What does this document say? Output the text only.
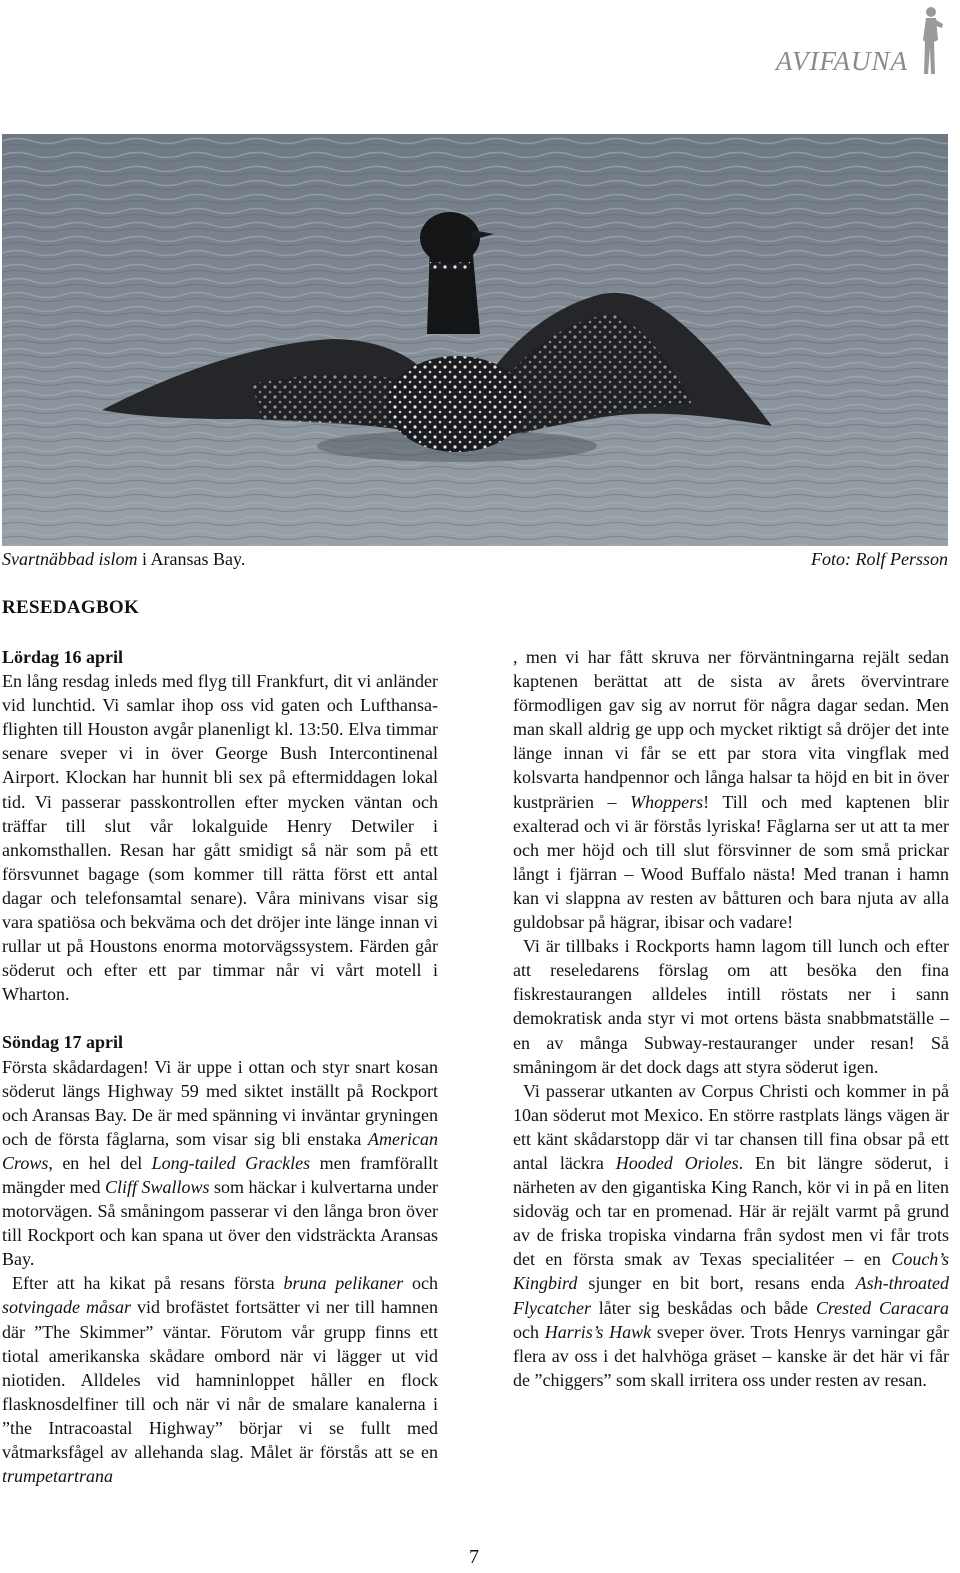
AVIFAUNA
Svartnäbbad islom i Aransas Bay.	Foto: Rolf Persson
RESEDAGBOK
Lördag 16 april

En lång resdag inleds med flyg till Frankfurt, dit vi anländer vid lunchtid. Vi samlar ihop oss vid gaten och Lufthansa-flighten till Houston avgår planenligt kl. 13:50. Elva timmar senare sveper vi in över George Bush Intercontinenal Airport. Klockan har hunnit bli sex på eftermiddagen lokal tid. Vi passerar passkontrollen efter mycken väntan och träffar till slut vår lokalguide Henry Detwiler i ankomsthallen. Resan har gått smidigt så när som på ett försvunnet bagage (som kommer till rätta först ett antal dagar och telefonsamtal senare). Våra minivans visar sig vara spatiösa och bekväma och det dröjer inte länge innan vi rullar ut på Houstons enorma motorvägssystem. Färden går söderut och efter ett par timmar når vi vårt motell i Wharton.

Söndag 17 april

Första skådardagen! Vi är uppe i ottan och styr snart kosan söderut längs Highway 59 med siktet inställt på Rockport och Aransas Bay. De är med spänning vi inväntar gryningen och de första fåglarna, som visar sig bli enstaka American Crows, en hel del Long-tailed Grackles men framförallt mängder med Cliff Swallows som häckar i kulvertarna under motorvägen. Så småningom passerar vi den långa bron över till Rockport och kan spana ut över den vidsträckta Aransas Bay.

Efter att ha kikat på resans första bruna pelikaner och sotvingade måsar vid brofästet fortsätter vi ner till hamnen där ”The Skimmer” väntar. Förutom vår grupp finns ett tiotal amerikanska skådare ombord när vi lägger ut vid niotiden. Alldeles vid hamninloppet håller en flock flasknosdelfiner till och när vi når de smalare kanalerna i ”the Intracoastal Highway” börjar vi se fullt med våtmarksfågel av allehanda slag. Målet är förstås att se en trumpetartrana

, men vi har fått skruva ner förväntningarna rejält sedan kaptenen berättat att de sista av årets övervintrare förmodligen gav sig av norrut för några dagar sedan. Men man skall aldrig ge upp och mycket riktigt så dröjer det inte länge innan vi får se ett par stora vita vingflak med kolsvarta handpennor och långa halsar ta höjd en bit in över kustprärien – Whoppers! Till och med kaptenen blir exalterad och vi är förstås lyriska! Fåglarna ser ut att ta mer och mer höjd och till slut försvinner de som små prickar långt i fjärran – Wood Buffalo nästa! Med tranan i hamn kan vi slappna av resten av båtturen och bara njuta av alla guldobsar på hägrar, ibisar och vadare!

Vi är tillbaks i Rockports hamn lagom till lunch och efter att reseledarens förslag om att besöka den fina fiskrestaurangen alldeles intill röstats ner i sann demokratisk anda styr vi mot ortens bästa snabbmatställe – en av många Subway-restauranger under resan! Så småningom är det dock dags att styra söderut igen.

Vi passerar utkanten av Corpus Christi och kommer in på 10an söderut mot Mexico. En större rastplats längs vägen är ett känt skådarstopp där vi tar chansen till fina obsar på ett antal läckra Hooded Orioles. En bit längre söderut, i närheten av den gigantiska King Ranch, kör vi in på en liten sidoväg och tar en promenad. Här är rejält varmt på grund av de friska tropiska vindarna från sydost men vi får trots det en första smak av Texas specialitéer – en Couch’s Kingbird sjunger en bit bort, resans enda Ash-throated Flycatcher låter sig beskådas och både Crested Caracara och Harris’s Hawk sveper över. Trots Henrys varningar går flera av oss i det halvhöga gräset – kanske är det här vi får de ”chiggers” som skall irritera oss under resten av resan.

7
